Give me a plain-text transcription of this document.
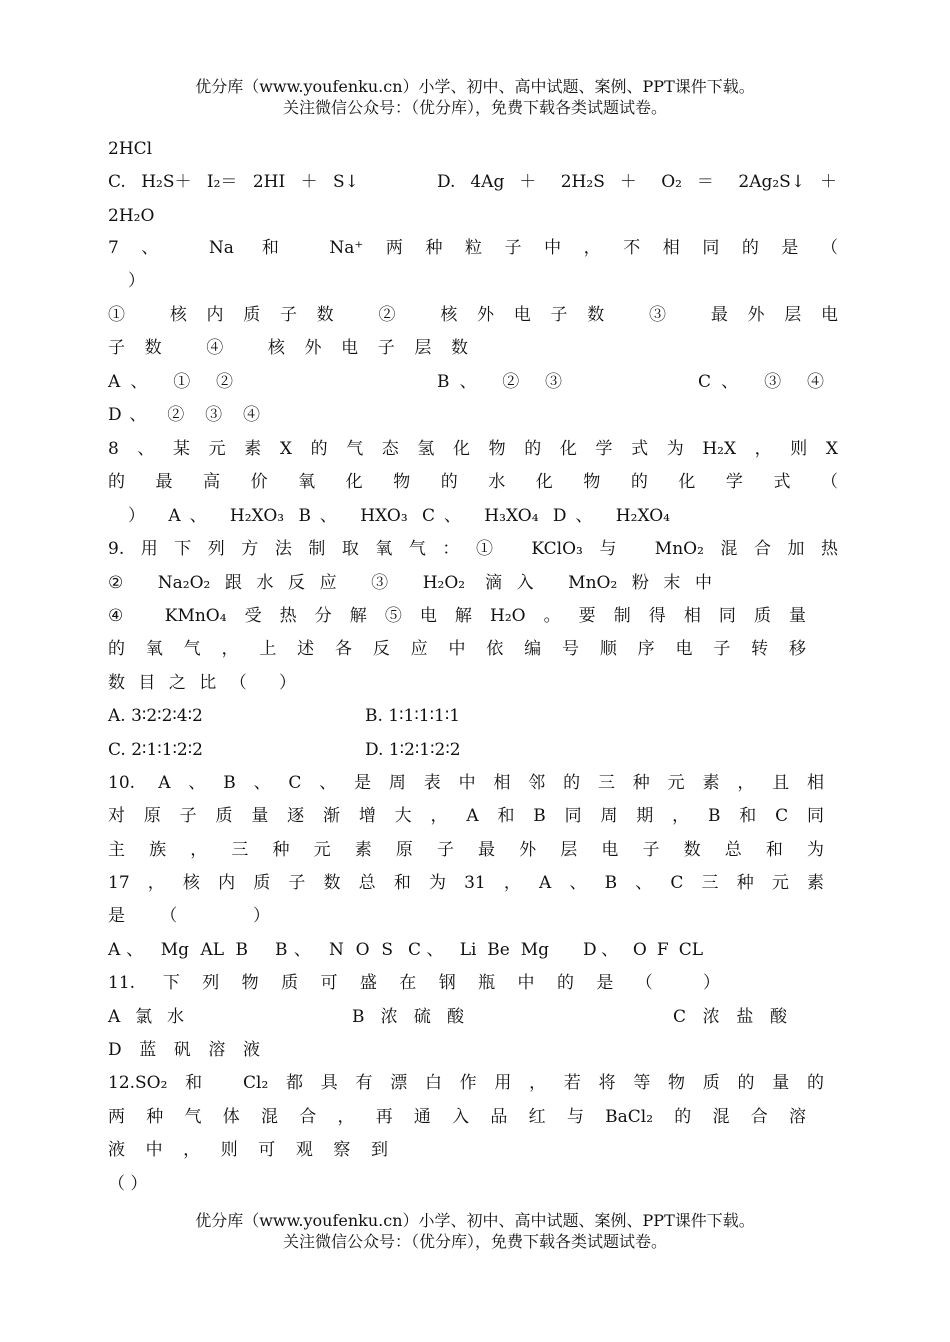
优分库（www.youfenku.cn）小学、初中、高中试题、案例、PPT课件下载。
关注微信公众号：（优分库），免费下载各类试题试卷。
2HCl
C. H₂S＋ I₂＝ 2HI ＋ S↓	D. 4Ag ＋ 2H₂S ＋ O₂ ＝ 2Ag₂S↓ ＋
2H₂O
7、 Na 和 Na⁺两种粒子中，不相同的是（
）
① 核内质子数 ② 核外电子数 ③ 最外层电
子数 ④ 核外电子层数
A、 ① ②	B、 ② ③	C、 ③ ④
D、 ② ③ ④
8、某元素X的气态氢化物的化学式为H₂X，则X
的最高价氧化物的水化物的化学式（
） A、 H₂XO₃ B、 HXO₃ C、 H₃XO₄ D、 H₂XO₄
9.用下列方法制取氧气：① KClO₃与 MnO₂混合加热
② Na₂O₂跟水反应 ③ H₂O₂ 滴入 MnO₂粉末中
④ KMnO₄受热分解⑤电解H₂O。要制得相同质量
的氧气，上述各反应中依编号顺序电子转移
数目之比（ ）
A. 3∶2∶2∶4∶2	B. 1∶1∶1∶1∶1
C. 2∶1∶1∶2∶2	D. 1∶2∶1∶2∶2
10. A、B、C、是周表中相邻的三种元素，且相
对原子质量逐渐增大，A和B同周期，B和C同
主族，三种元素原子最外层电子数总和为
17，核内质子数总和为31，A、B、C三种元素
是（ ）
A、 Mg AL B B、 N O S C、 Li Be Mg D、 O F CL
11. 下列物质可盛在钢瓶中的是（ ）
A氯水	B浓硫酸	C浓盐酸
D蓝矾溶液
12.SO₂和 Cl₂都具有漂白作用，若将等物质的量的
两种气体混合，再通入品红与BaCl₂的混合溶
液中，则可观察到
（ ）
优分库（www.youfenku.cn）小学、初中、高中试题、案例、PPT课件下载。
关注微信公众号：（优分库），免费下载各类试题试卷。
